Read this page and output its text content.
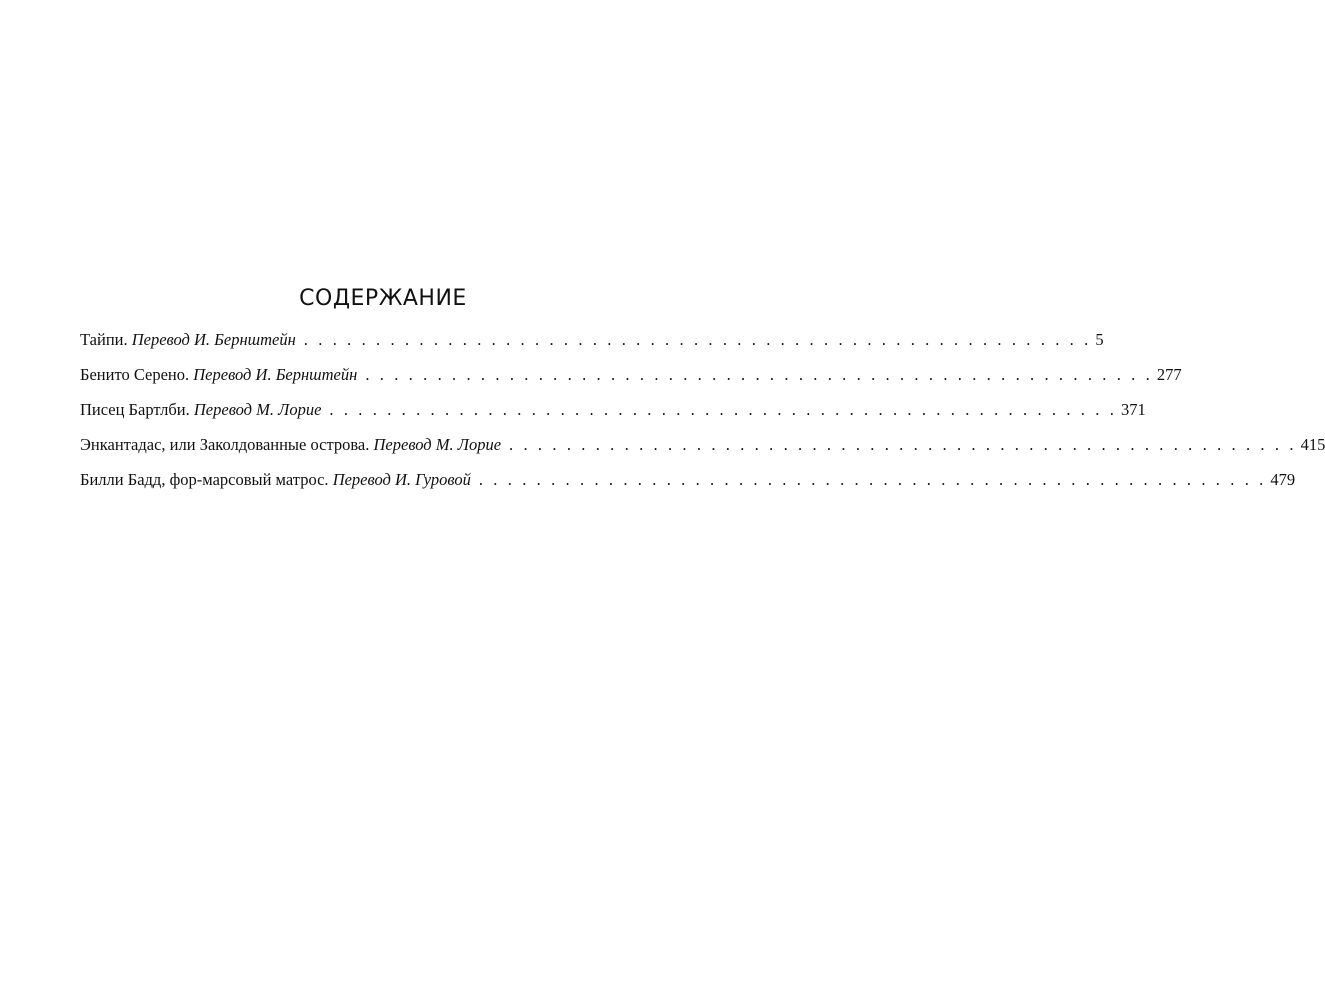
СОДЕРЖАНИЕ
Тайпи. Перевод И. Бернштейн . . . . . . . . . . . . . . . . . . . . . . . . . . . . . . . . . . . . . . . . . . . . . . . . . . . . . . . 5
Бенито Серено. Перевод И. Бернштейн . . . . . . . . . . . . . . . . . . . . . . . . . . . . . . . . . . . . . . . . . . . . . . . . . . . . . . . 277
Писец Бартлби. Перевод М. Лорие . . . . . . . . . . . . . . . . . . . . . . . . . . . . . . . . . . . . . . . . . . . . . . . . . . . . . . . 371
Энкантадас, или Заколдованные острова. Перевод М. Лорие . . . . . . . . . . . . . . . . . . . . . . . . . . . . . . . . . . . . . . . . . . . . . . . . . . . . . . . 415
Билли Бадд, фор-марсовый матрос. Перевод И. Гуровой . . . . . . . . . . . . . . . . . . . . . . . . . . . . . . . . . . . . . . . . . . . . . . . . . . . . . . . 479
